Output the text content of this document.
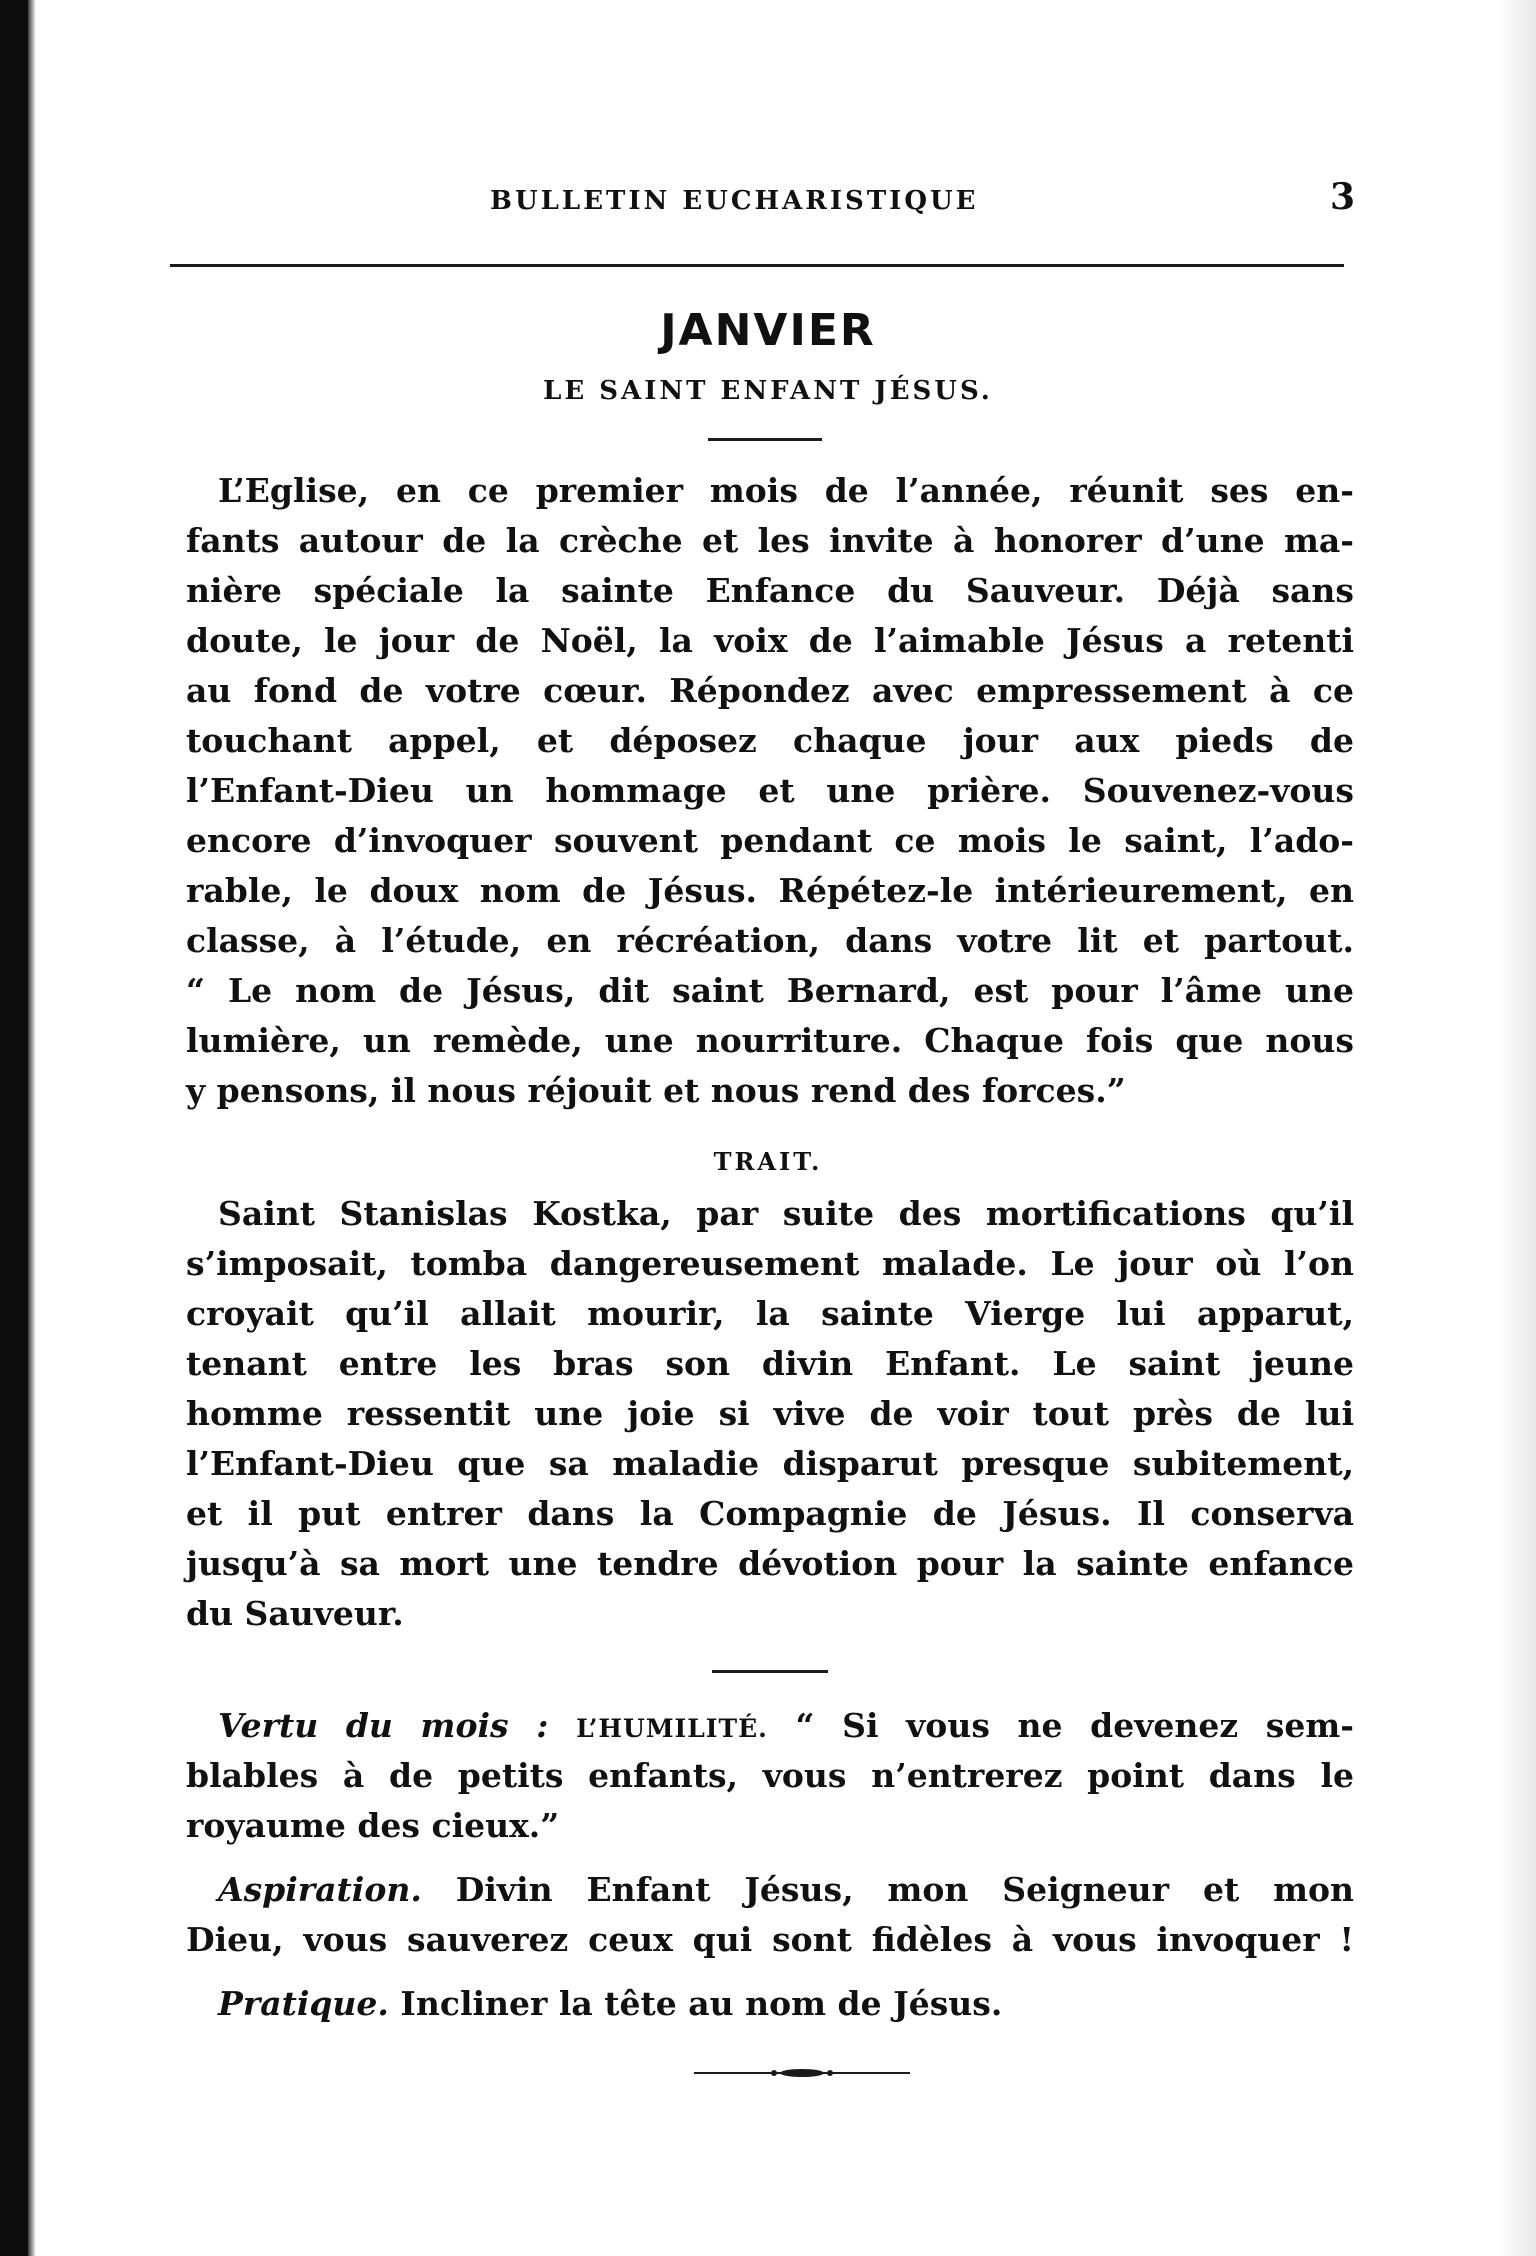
BULLETIN EUCHARISTIQUE	3
JANVIER
LE SAINT ENFANT JÉSUS.
L’Eglise, en ce premier mois de l’année, réunit ses en-
fants autour de la crèche et les invite à honorer d’une ma-
nière spéciale la sainte Enfance du Sauveur. Déjà sans
doute, le jour de Noël, la voix de l’aimable Jésus a retenti
au fond de votre cœur. Répondez avec empressement à ce
touchant appel, et déposez chaque jour aux pieds de
l’Enfant-Dieu un hommage et une prière. Souvenez-vous
encore d’invoquer souvent pendant ce mois le saint, l’ado-
rable, le doux nom de Jésus. Répétez-le intérieurement, en
classe, à l’étude, en récréation, dans votre lit et partout.
“ Le nom de Jésus, dit saint Bernard, est pour l’âme une
lumière, un remède, une nourriture. Chaque fois que nous
y pensons, il nous réjouit et nous rend des forces.”
TRAIT.
Saint Stanislas Kostka, par suite des mortifications qu’il
s’imposait, tomba dangereusement malade. Le jour où l’on
croyait qu’il allait mourir, la sainte Vierge lui apparut,
tenant entre les bras son divin Enfant. Le saint jeune
homme ressentit une joie si vive de voir tout près de lui
l’Enfant-Dieu que sa maladie disparut presque subitement,
et il put entrer dans la Compagnie de Jésus. Il conserva
jusqu’à sa mort une tendre dévotion pour la sainte enfance
du Sauveur.
Vertu du mois : L’HUMILITÉ. “ Si vous ne devenez sem-
blables à de petits enfants, vous n’entrerez point dans le
royaume des cieux.”
Aspiration. Divin Enfant Jésus, mon Seigneur et mon
Dieu, vous sauverez ceux qui sont fidèles à vous invoquer !
Pratique. Incliner la tête au nom de Jésus.
